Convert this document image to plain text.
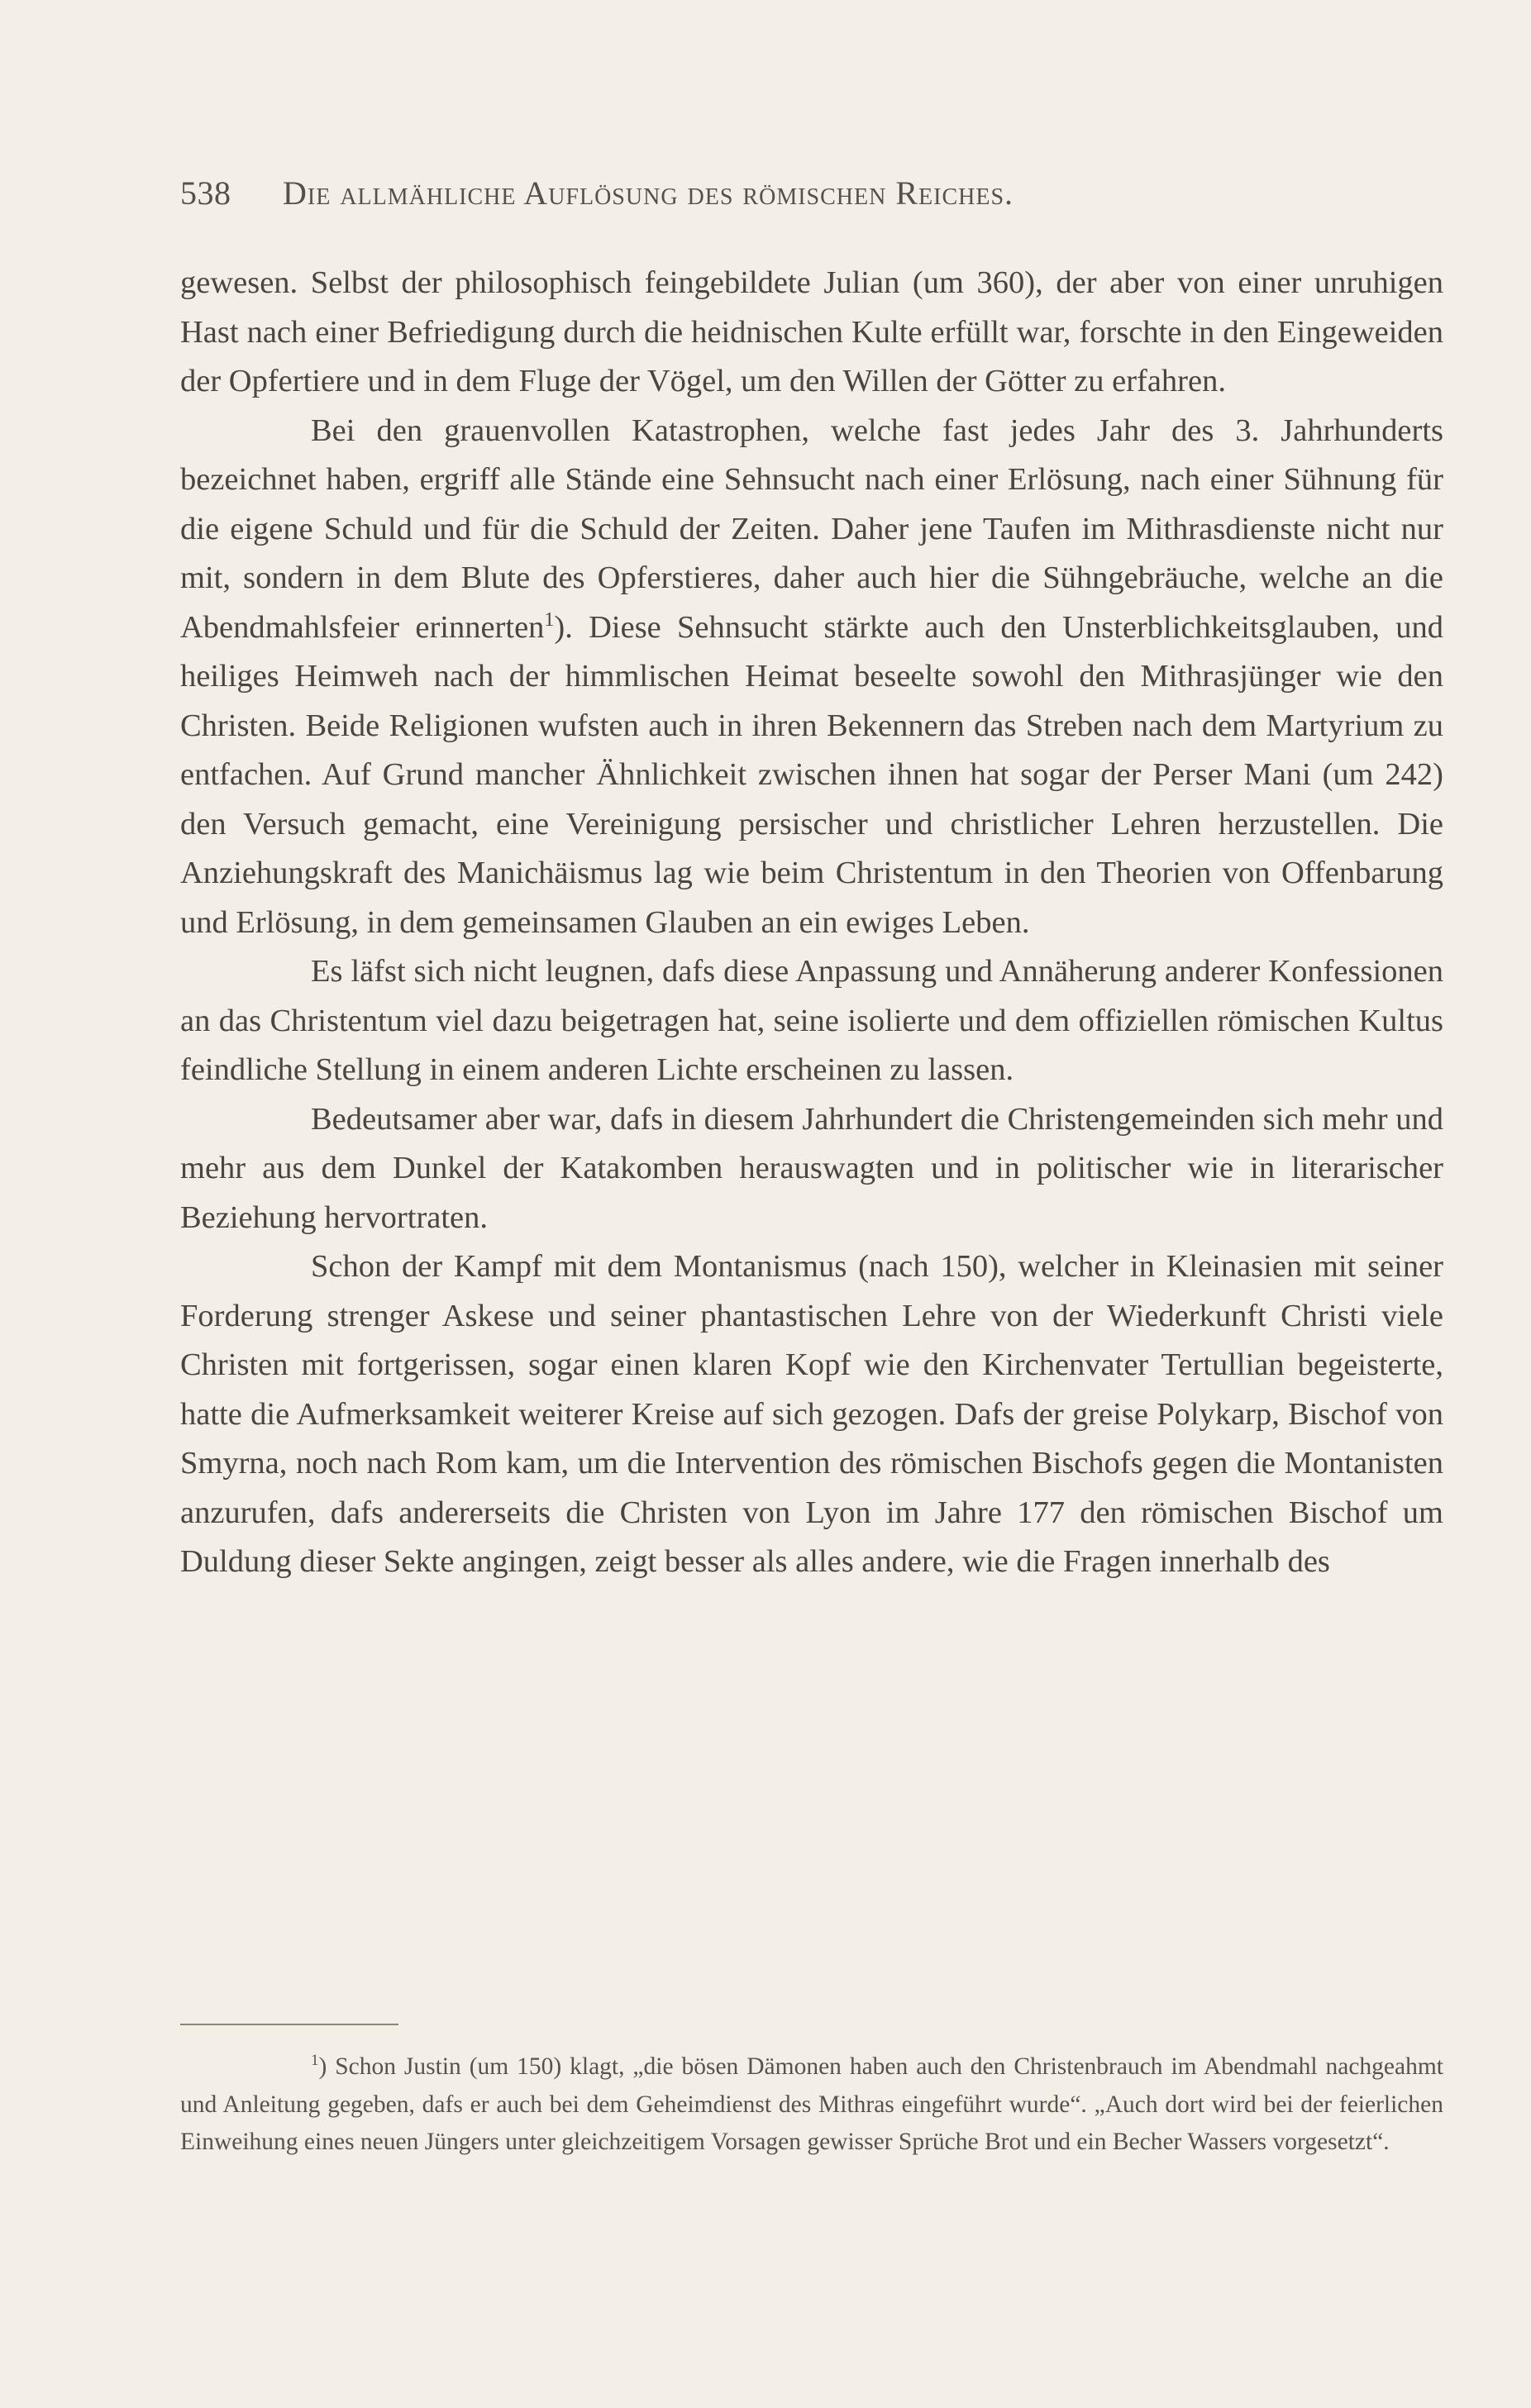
538 Die allmähliche Auflösung des römischen Reiches.

gewesen. Selbst der philosophisch feingebildete Julian (um 360), der aber von einer unruhigen Hast nach einer Befriedigung durch die heidnischen Kulte erfüllt war, forschte in den Eingeweiden der Opfertiere und in dem Fluge der Vögel, um den Willen der Götter zu erfahren.

Bei den grauenvollen Katastrophen, welche fast jedes Jahr des 3. Jahrhunderts bezeichnet haben, ergriff alle Stände eine Sehnsucht nach einer Erlösung, nach einer Sühnung für die eigene Schuld und für die Schuld der Zeiten. Daher jene Taufen im Mithrasdienste nicht nur mit, sondern in dem Blute des Opferstieres, daher auch hier die Sühngebräuche, welche an die Abendmahlsfeier erinnerten$^1$). Diese Sehnsucht stärkte auch den Unsterblichkeitsglauben, und heiliges Heimweh nach der himmlischen Heimat beseelte sowohl den Mithrasjünger wie den Christen. Beide Religionen wufsten auch in ihren Bekennern das Streben nach dem Martyrium zu entfachen. Auf Grund mancher Ähnlichkeit zwischen ihnen hat sogar der Perser Mani (um 242) den Versuch gemacht, eine Vereinigung persischer und christlicher Lehren herzustellen. Die Anziehungskraft des Manichäismus lag wie beim Christentum in den Theorien von Offenbarung und Erlösung, in dem gemeinsamen Glauben an ein ewiges Leben.

Es läfst sich nicht leugnen, dafs diese Anpassung und Annäherung anderer Konfessionen an das Christentum viel dazu beigetragen hat, seine isolierte und dem offiziellen römischen Kultus feindliche Stellung in einem anderen Lichte erscheinen zu lassen.

Bedeutsamer aber war, dafs in diesem Jahrhundert die Christengemeinden sich mehr und mehr aus dem Dunkel der Katakomben herauswagten und in politischer wie in literarischer Beziehung hervortraten.

Schon der Kampf mit dem Montanismus (nach 150), welcher in Kleinasien mit seiner Forderung strenger Askese und seiner phantastischen Lehre von der Wiederkunft Christi viele Christen mit fortgerissen, sogar einen klaren Kopf wie den Kirchenvater Tertullian begeisterte, hatte die Aufmerksamkeit weiterer Kreise auf sich gezogen. Dafs der greise Polykarp, Bischof von Smyrna, noch nach Rom kam, um die Intervention des römischen Bischofs gegen die Montanisten anzurufen, dafs andererseits die Christen von Lyon im Jahre 177 den römischen Bischof um Duldung dieser Sekte angingen, zeigt besser als alles andere, wie die Fragen innerhalb des

$^1$) Schon Justin (um 150) klagt, „die bösen Dämonen haben auch den Christenbrauch im Abendmahl nachgeahmt und Anleitung gegeben, dafs er auch bei dem Geheimdienst des Mithras eingeführt wurde“. „Auch dort wird bei der feierlichen Einweihung eines neuen Jüngers unter gleichzeitigem Vorsagen gewisser Sprüche Brot und ein Becher Wassers vorgesetzt“.
